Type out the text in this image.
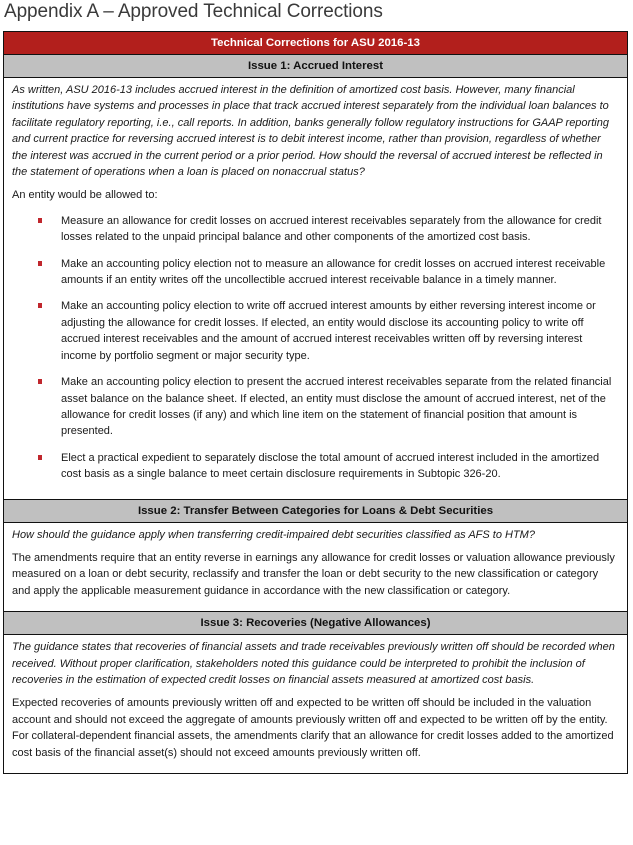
Appendix A – Approved Technical Corrections
Technical Corrections for ASU 2016-13
Issue 1: Accrued Interest

As written, ASU 2016-13 includes accrued interest in the definition of amortized cost basis. However, many financial institutions have systems and processes in place that track accrued interest separately from the individual loan balances to facilitate regulatory reporting, i.e., call reports. In addition, banks generally follow regulatory instructions for GAAP reporting and current practice for reversing accrued interest is to debit interest income, rather than provision, regardless of whether the interest was accrued in the current period or a prior period. How should the reversal of accrued interest be reflected in the statement of operations when a loan is placed on nonaccrual status?

An entity would be allowed to:

Measure an allowance for credit losses on accrued interest receivables separately from the allowance for credit losses related to the unpaid principal balance and other components of the amortized cost basis.
Make an accounting policy election not to measure an allowance for credit losses on accrued interest receivable amounts if an entity writes off the uncollectible accrued interest receivable balance in a timely manner.
Make an accounting policy election to write off accrued interest amounts by either reversing interest income or adjusting the allowance for credit losses. If elected, an entity would disclose its accounting policy to write off accrued interest receivables and the amount of accrued interest receivables written off by reversing interest income by portfolio segment or major security type.
Make an accounting policy election to present the accrued interest receivables separate from the related financial asset balance on the balance sheet. If elected, an entity must disclose the amount of accrued interest, net of the allowance for credit losses (if any) and which line item on the statement of financial position that amount is presented.
Elect a practical expedient to separately disclose the total amount of accrued interest included in the amortized cost basis as a single balance to meet certain disclosure requirements in Subtopic 326-20.
Issue 2: Transfer Between Categories for Loans & Debt Securities

How should the guidance apply when transferring credit-impaired debt securities classified as AFS to HTM?

The amendments require that an entity reverse in earnings any allowance for credit losses or valuation allowance previously measured on a loan or debt security, reclassify and transfer the loan or debt security to the new classification or category and apply the applicable measurement guidance in accordance with the new classification or category.

Issue 3: Recoveries (Negative Allowances)

The guidance states that recoveries of financial assets and trade receivables previously written off should be recorded when received. Without proper clarification, stakeholders noted this guidance could be interpreted to prohibit the inclusion of recoveries in the estimation of expected credit losses on financial assets measured at amortized cost basis.

Expected recoveries of amounts previously written off and expected to be written off should be included in the valuation account and should not exceed the aggregate of amounts previously written off and expected to be written off by the entity. For collateral-dependent financial assets, the amendments clarify that an allowance for credit losses added to the amortized cost basis of the financial asset(s) should not exceed amounts previously written off.
